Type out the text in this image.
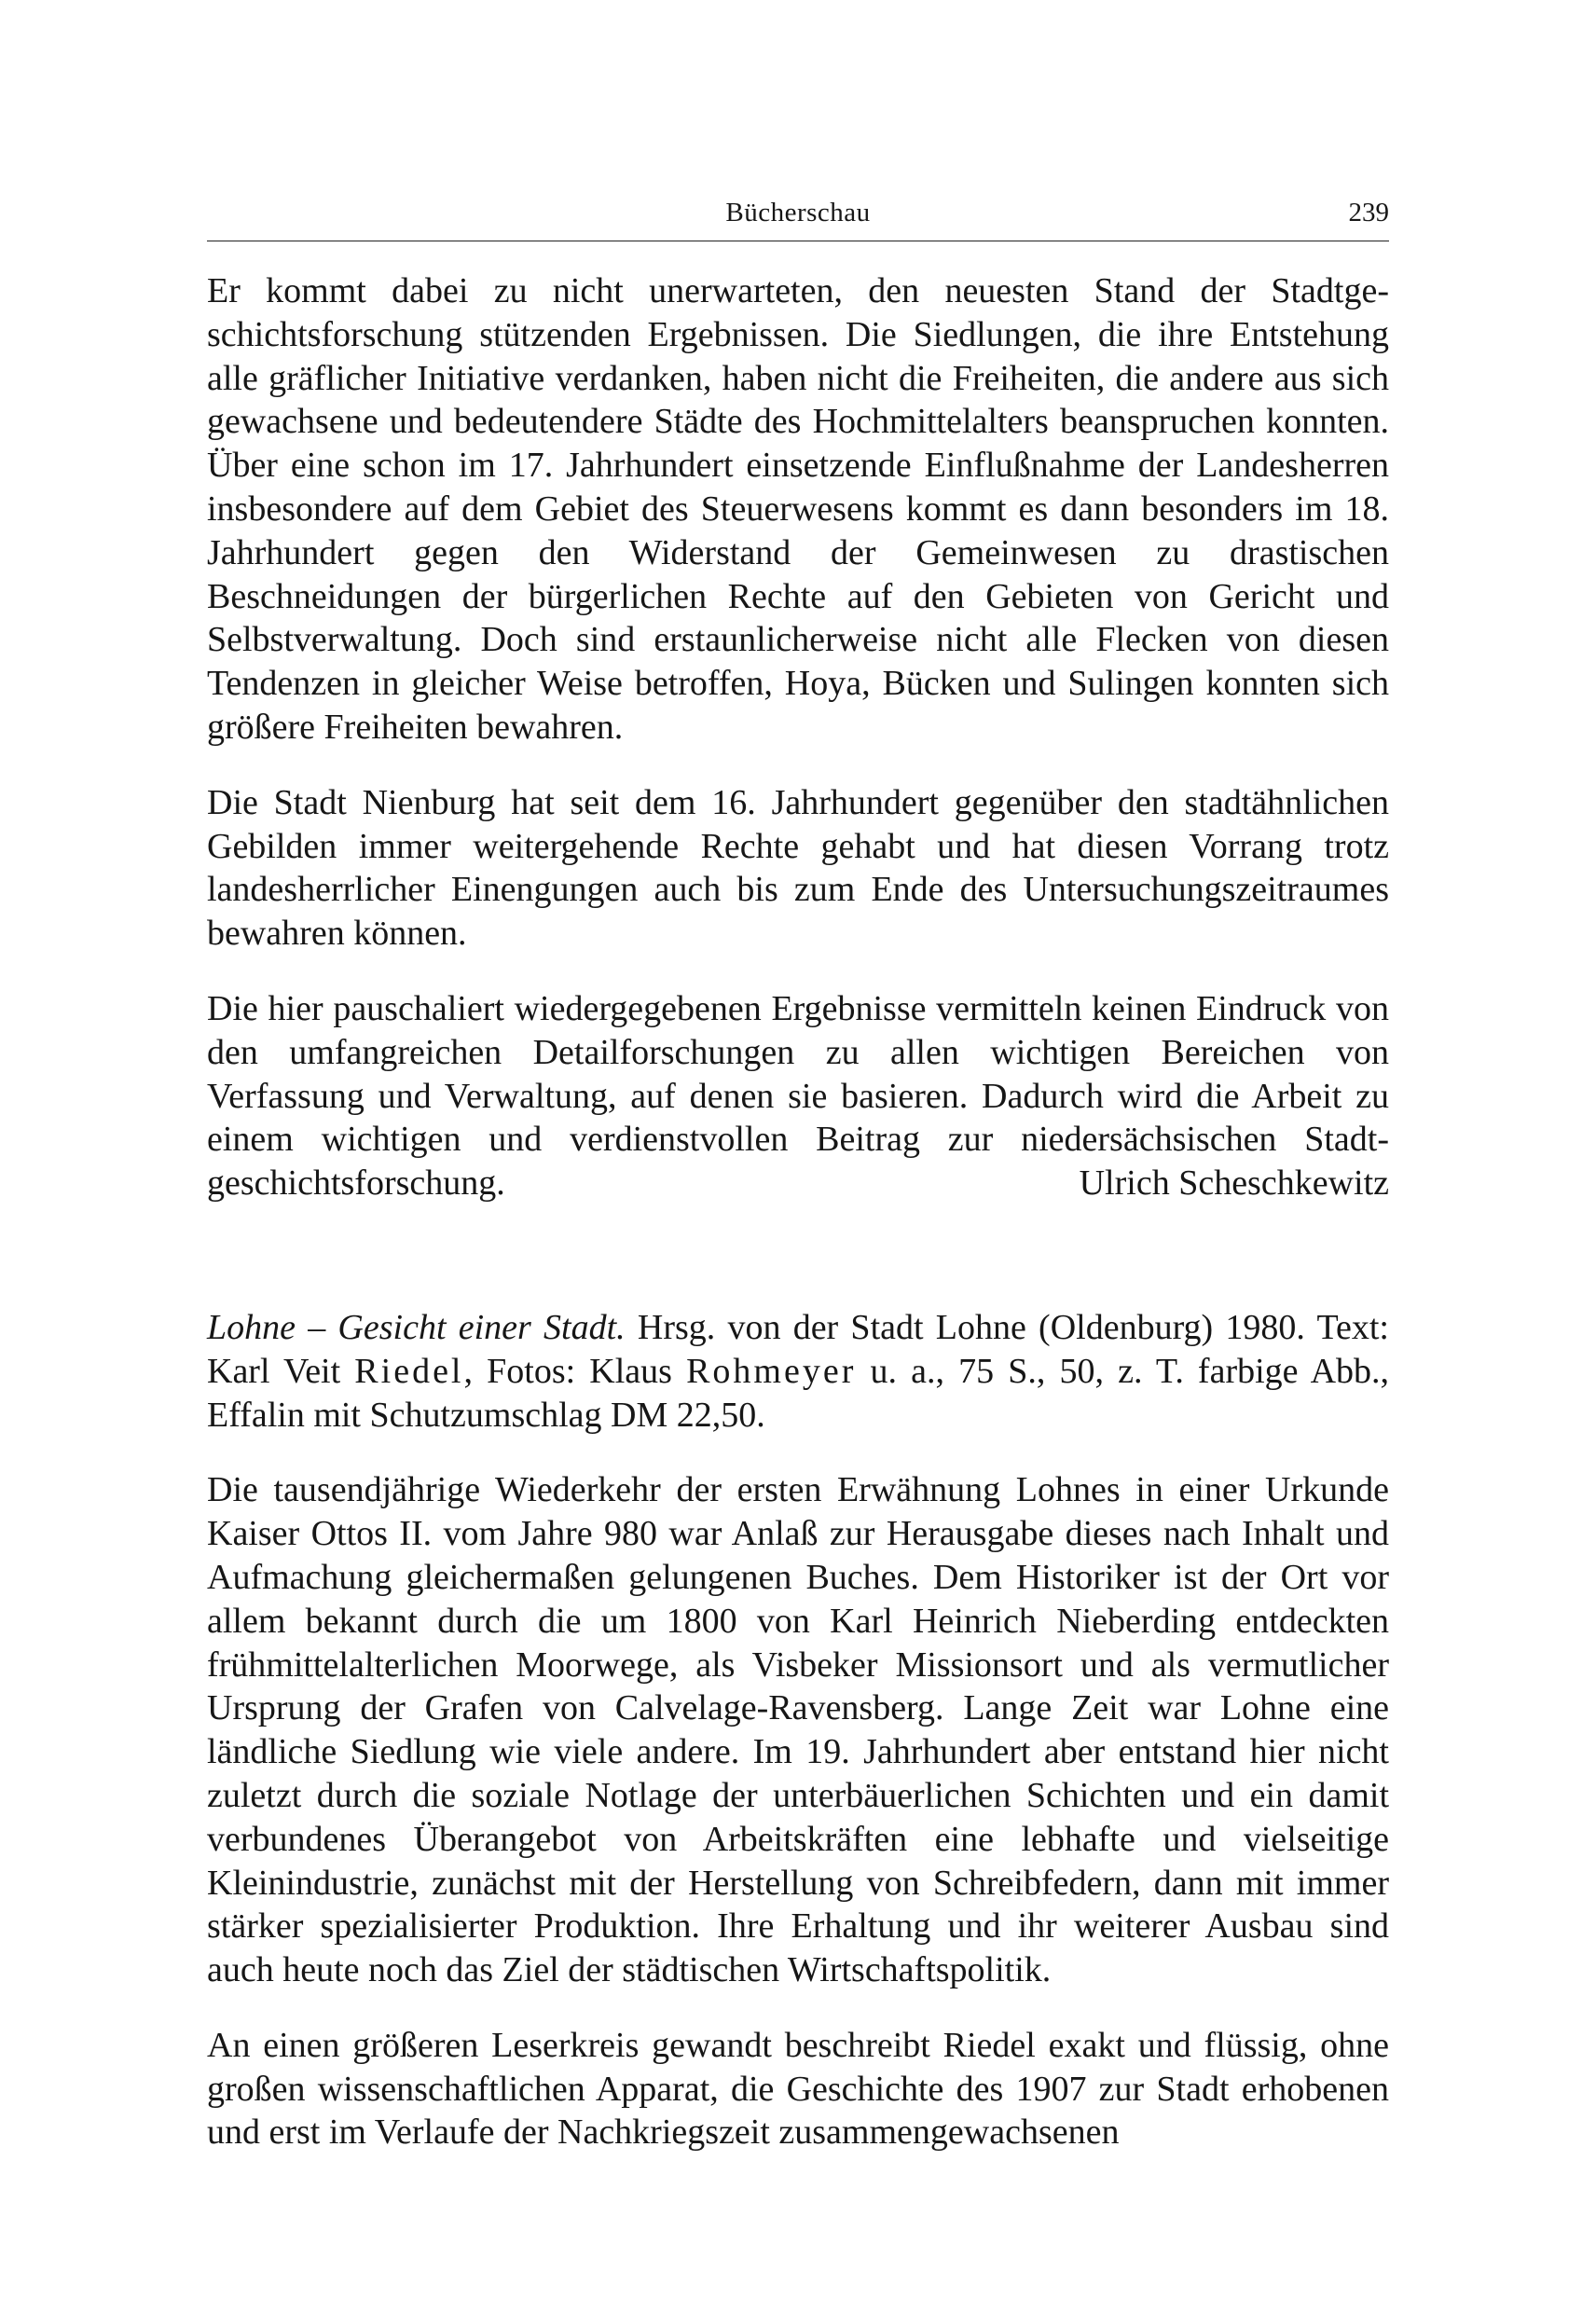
Bücherschau	239

Er kommt dabei zu nicht unerwarteten, den neuesten Stand der Stadtgeschichtsforschung stützenden Ergebnissen. Die Siedlungen, die ihre Entstehung alle gräflicher Initiative verdanken, haben nicht die Freiheiten, die andere aus sich gewachsene und bedeutendere Städte des Hochmittelalters beanspruchen konnten. Über eine schon im 17. Jahrhundert einsetzende Einflußnahme der Landesherren insbesondere auf dem Gebiet des Steuerwesens kommt es dann besonders im 18. Jahrhundert gegen den Widerstand der Gemeinwesen zu drastischen Beschneidungen der bürgerlichen Rechte auf den Gebieten von Gericht und Selbstverwaltung. Doch sind erstaunlicherweise nicht alle Flecken von diesen Tendenzen in gleicher Weise betroffen, Hoya, Bücken und Sulingen konnten sich größere Freiheiten bewahren.

Die Stadt Nienburg hat seit dem 16. Jahrhundert gegenüber den stadtähnlichen Gebilden immer weitergehende Rechte gehabt und hat diesen Vorrang trotz landesherrlicher Einengungen auch bis zum Ende des Untersuchungszeitraumes bewahren können.

Die hier pauschaliert wiedergegebenen Ergebnisse vermitteln keinen Eindruck von den umfangreichen Detailforschungen zu allen wichtigen Bereichen von Verfassung und Verwaltung, auf denen sie basieren. Dadurch wird die Arbeit zu einem wichtigen und verdienstvollen Beitrag zur niedersächsischen Stadtgeschichtsforschung.	Ulrich Scheschkewitz

Lohne – Gesicht einer Stadt. Hrsg. von der Stadt Lohne (Oldenburg) 1980. Text: Karl Veit Riedel, Fotos: Klaus Rohmeyer u. a., 75 S., 50, z. T. farbige Abb., Effalin mit Schutzumschlag DM 22,50.

Die tausendjährige Wiederkehr der ersten Erwähnung Lohnes in einer Urkunde Kaiser Ottos II. vom Jahre 980 war Anlaß zur Herausgabe dieses nach Inhalt und Aufmachung gleichermaßen gelungenen Buches. Dem Historiker ist der Ort vor allem bekannt durch die um 1800 von Karl Heinrich Nieberding entdeckten frühmittelalterlichen Moorwege, als Visbeker Missionsort und als vermutlicher Ursprung der Grafen von Calvelage-Ravensberg. Lange Zeit war Lohne eine ländliche Siedlung wie viele andere. Im 19. Jahrhundert aber entstand hier nicht zuletzt durch die soziale Notlage der unterbäuerlichen Schichten und ein damit verbundenes Überangebot von Arbeitskräften eine lebhafte und vielseitige Kleinindustrie, zunächst mit der Herstellung von Schreibfedern, dann mit immer stärker spezialisierter Produktion. Ihre Erhaltung und ihr weiterer Ausbau sind auch heute noch das Ziel der städtischen Wirtschaftspolitik.

An einen größeren Leserkreis gewandt beschreibt Riedel exakt und flüssig, ohne großen wissenschaftlichen Apparat, die Geschichte des 1907 zur Stadt erhobenen und erst im Verlaufe der Nachkriegszeit zusammengewachsenen
